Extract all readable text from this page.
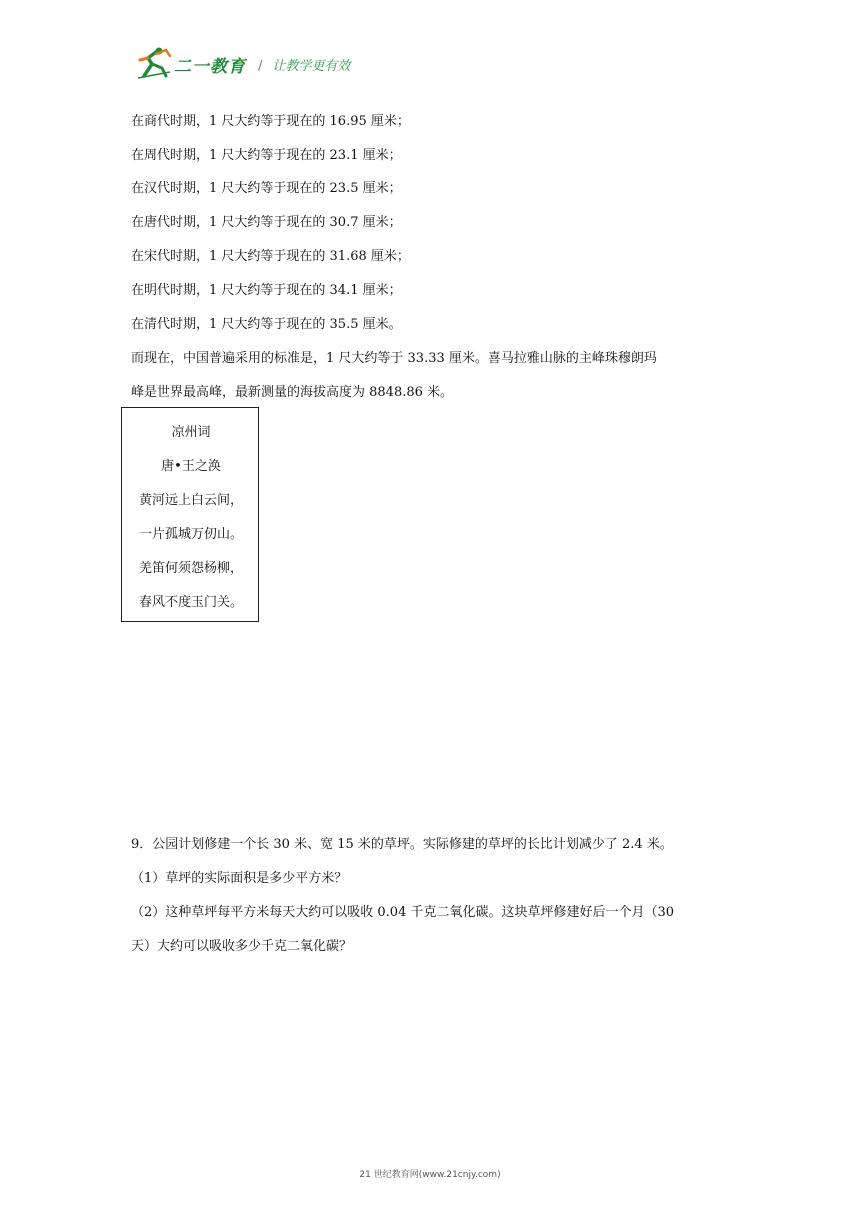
二一教育 / 让教学更有效
在商代时期，1 尺大约等于现在的 16.95 厘米；
在周代时期，1 尺大约等于现在的 23.1 厘米；
在汉代时期，1 尺大约等于现在的 23.5 厘米；
在唐代时期，1 尺大约等于现在的 30.7 厘米；
在宋代时期，1 尺大约等于现在的 31.68 厘米；
在明代时期，1 尺大约等于现在的 34.1 厘米；
在清代时期，1 尺大约等于现在的 35.5 厘米。
而现在，中国普遍采用的标准是，1 尺大约等于 33.33 厘米。喜马拉雅山脉的主峰珠穆朗玛
峰是世界最高峰，最新测量的海拔高度为 8848.86 米。
凉州词
唐•王之涣
黄河远上白云间，
一片孤城万仞山。
羌笛何须怨杨柳，
春风不度玉门关。
9．公园计划修建一个长 30 米、宽 15 米的草坪。实际修建的草坪的长比计划减少了 2.4 米。
（1）草坪的实际面积是多少平方米？
（2）这种草坪每平方米每天大约可以吸收 0.04 千克二氧化碳。这块草坪修建好后一个月（30
天）大约可以吸收多少千克二氧化碳？
21 世纪教育网(www.21cnjy.com)
